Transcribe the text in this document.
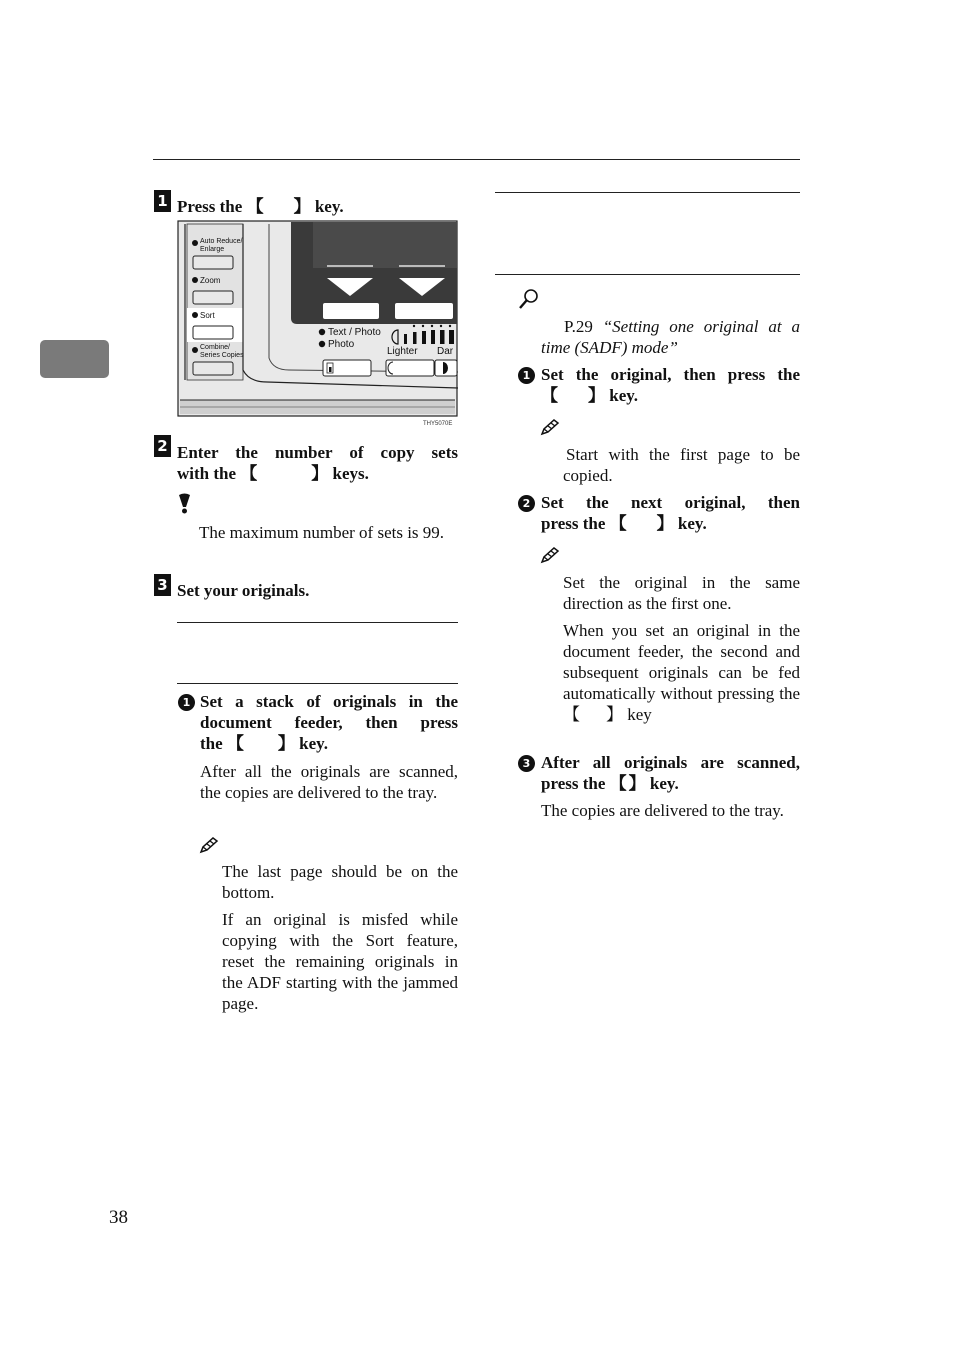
1 Press the 【 】 key.
Auto Reduce/
Enlarge
Zoom
Sort
Combine/
Series Copies
Text / Photo
Photo
Lighter Dar
THY5070E
2 Enter the number of copy sets
with the 【	】 keys.
The maximum number of sets is 99.
3 Set your originals.
1 Set a stack of originals in the
document feeder, then press
the 【 】 key.
After all the originals are scanned, the copies are delivered to the tray.
The last page should be on the bottom.
If an original is misfed while copying with the Sort feature, reset the remaining originals in the ADF starting with the jammed page.
P.29 “Setting one original at a time (SADF) mode”
1 Set the original, then press the
【 】 key.
Start with the first page to be copied.
2 Set the next original, then
press the 【 】 key.
Set the original in the same direction as the first one.
When you set an original in the document feeder, the second and subsequent originals can be fed automatically without pressing the 【 】 key
3 After all originals are scanned,
press the 【 】 key.
The copies are delivered to the tray.
38
